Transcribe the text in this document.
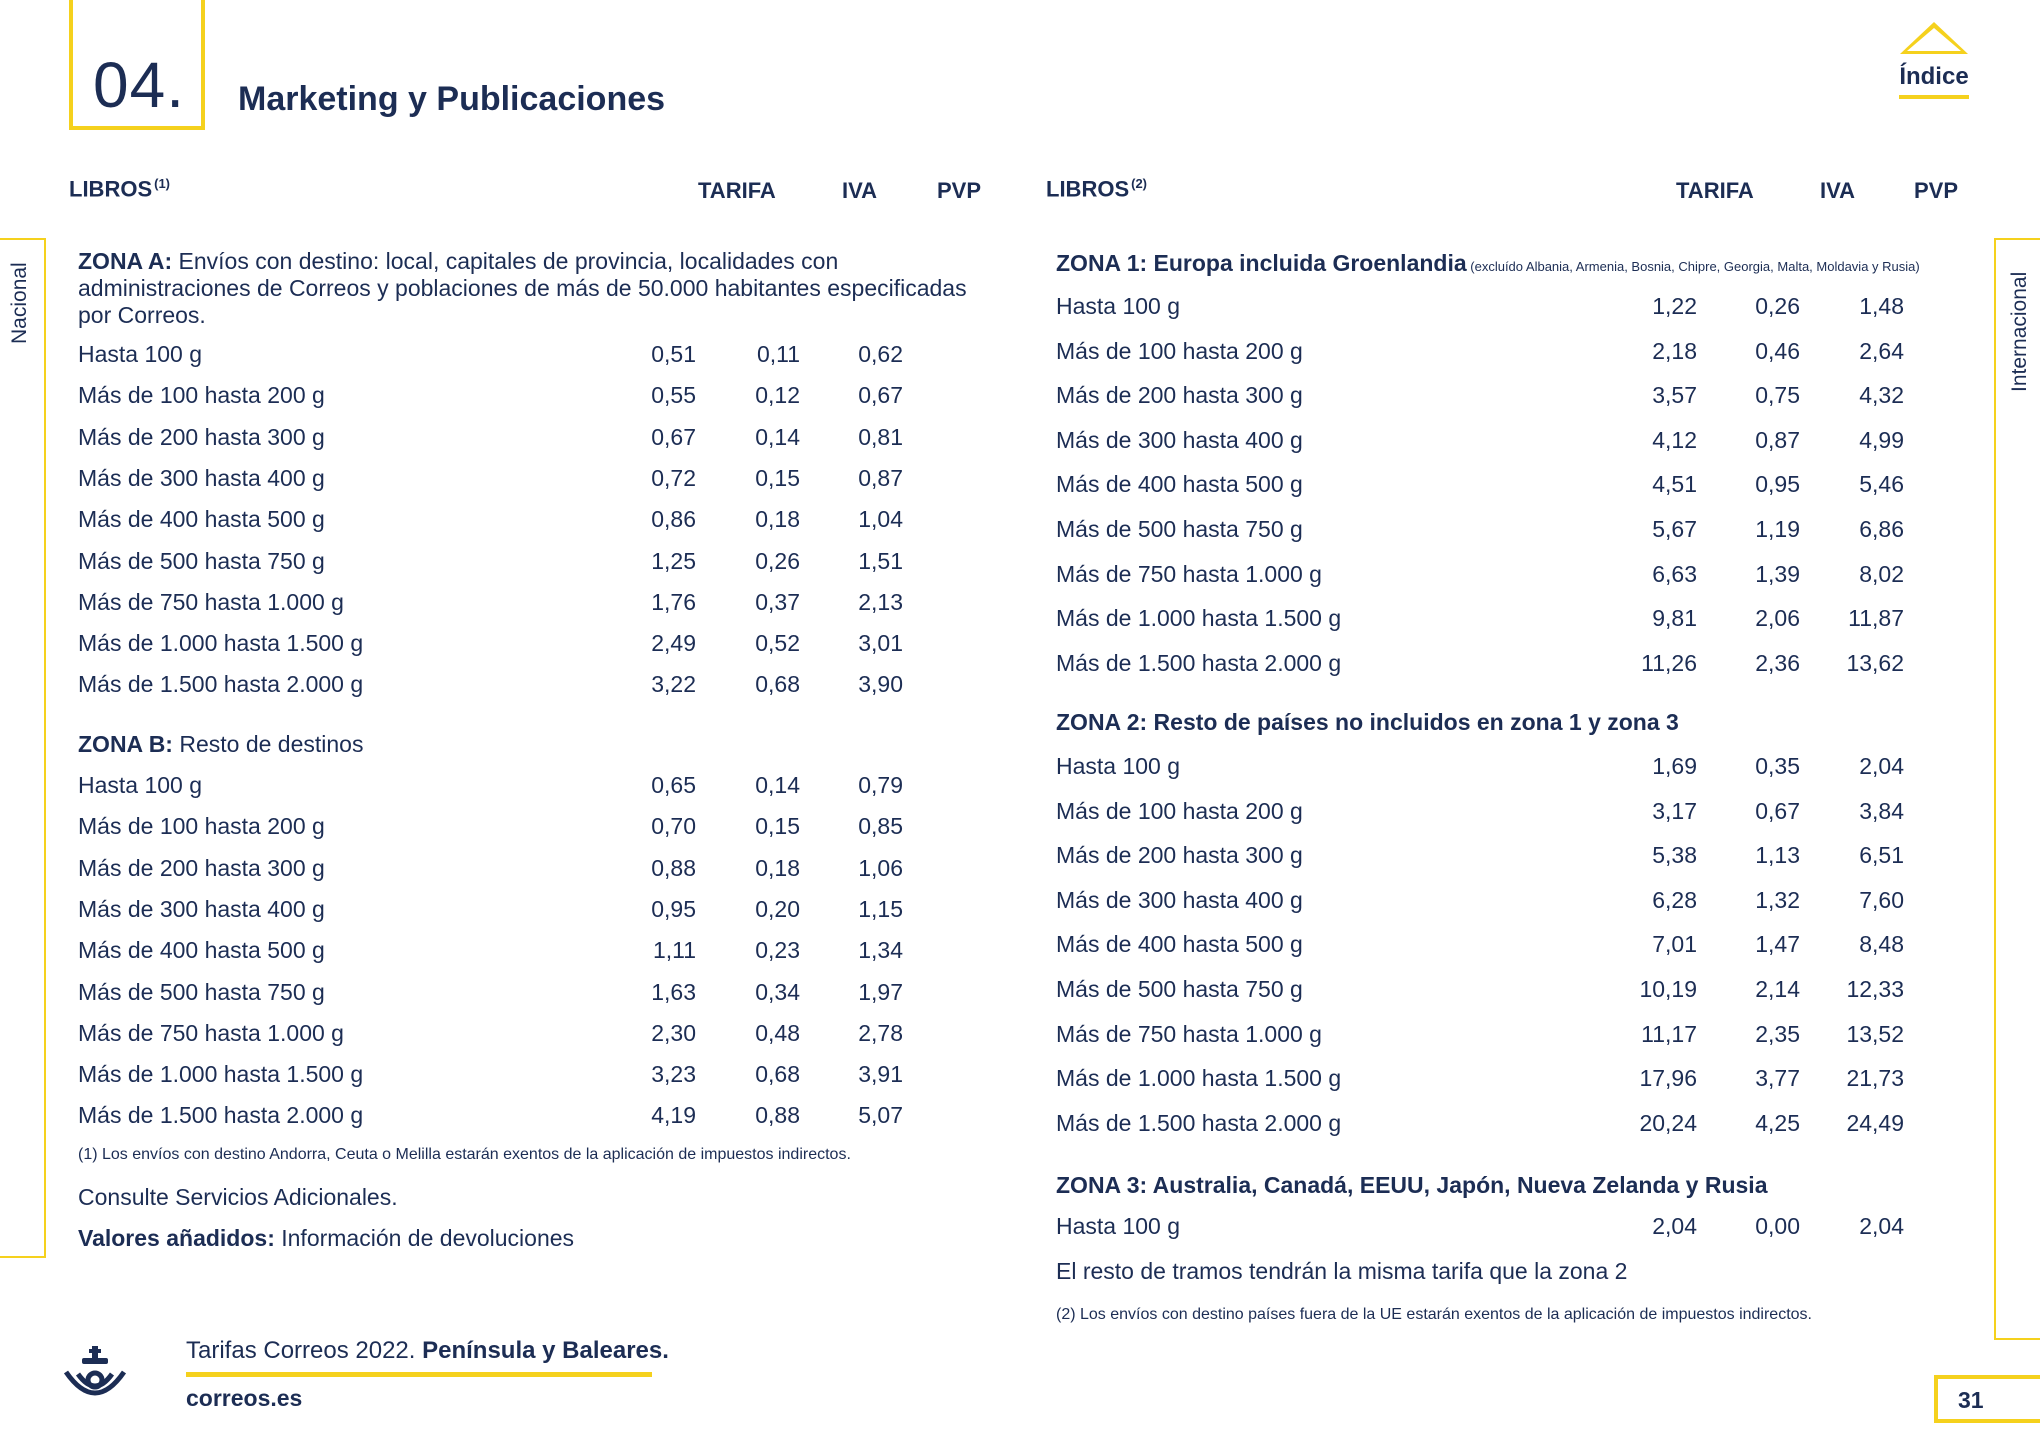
04. Marketing y Publicaciones
Índice
Nacional	Internacional
LIBROS $^{(1)}$	TARIFA	IVA	PVP	LIBROS $^{(2)}$	TARIFA	IVA	PVP
ZONA A: Envíos con destino: local, capitales de provincia, localidades con administraciones de Correos y poblaciones de más de 50.000 habitantes especificadas por Correos.
Hasta 100 g	0,51	0,11	0,62
Más de 100 hasta 200 g	0,55	0,12	0,67
Más de 200 hasta 300 g	0,67	0,14	0,81
Más de 300 hasta 400 g	0,72	0,15	0,87
Más de 400 hasta 500 g	0,86	0,18	1,04
Más de 500 hasta 750 g	1,25	0,26	1,51
Más de 750 hasta 1.000 g	1,76	0,37	2,13
Más de 1.000 hasta 1.500 g	2,49	0,52	3,01
Más de 1.500 hasta 2.000 g	3,22	0,68	3,90
ZONA B: Resto de destinos
Hasta 100 g	0,65	0,14	0,79
Más de 100 hasta 200 g	0,70	0,15	0,85
Más de 200 hasta 300 g	0,88	0,18	1,06
Más de 300 hasta 400 g	0,95	0,20	1,15
Más de 400 hasta 500 g	1,11	0,23	1,34
Más de 500 hasta 750 g	1,63	0,34	1,97
Más de 750 hasta 1.000 g	2,30	0,48	2,78
Más de 1.000 hasta 1.500 g	3,23	0,68	3,91
Más de 1.500 hasta 2.000 g	4,19	0,88	5,07
(1) Los envíos con destino Andorra, Ceuta o Melilla estarán exentos de la aplicación de impuestos indirectos.
Consulte Servicios Adicionales.
Valores añadidos: Información de devoluciones
ZONA 1: Europa incluida Groenlandia (excluído Albania, Armenia, Bosnia, Chipre, Georgia, Malta, Moldavia y Rusia)
Hasta 100 g	1,22	0,26	1,48
Más de 100 hasta 200 g	2,18	0,46	2,64
Más de 200 hasta 300 g	3,57	0,75	4,32
Más de 300 hasta 400 g	4,12	0,87	4,99
Más de 400 hasta 500 g	4,51	0,95	5,46
Más de 500 hasta 750 g	5,67	1,19	6,86
Más de 750 hasta 1.000 g	6,63	1,39	8,02
Más de 1.000 hasta 1.500 g	9,81	2,06	11,87
Más de 1.500 hasta 2.000 g	11,26	2,36	13,62
ZONA 2: Resto de países no incluidos en zona 1 y zona 3
Hasta 100 g	1,69	0,35	2,04
Más de 100 hasta 200 g	3,17	0,67	3,84
Más de 200 hasta 300 g	5,38	1,13	6,51
Más de 300 hasta 400 g	6,28	1,32	7,60
Más de 400 hasta 500 g	7,01	1,47	8,48
Más de 500 hasta 750 g	10,19	2,14	12,33
Más de 750 hasta 1.000 g	11,17	2,35	13,52
Más de 1.000 hasta 1.500 g	17,96	3,77	21,73
Más de 1.500 hasta 2.000 g	20,24	4,25	24,49
ZONA 3: Australia, Canadá, EEUU, Japón, Nueva Zelanda y Rusia
Hasta 100 g	2,04	0,00	2,04
El resto de tramos tendrán la misma tarifa que la zona 2
(2) Los envíos con destino países fuera de la UE estarán exentos de la aplicación de impuestos indirectos.
Tarifas Correos 2022. Península y Baleares.
correos.es	31
